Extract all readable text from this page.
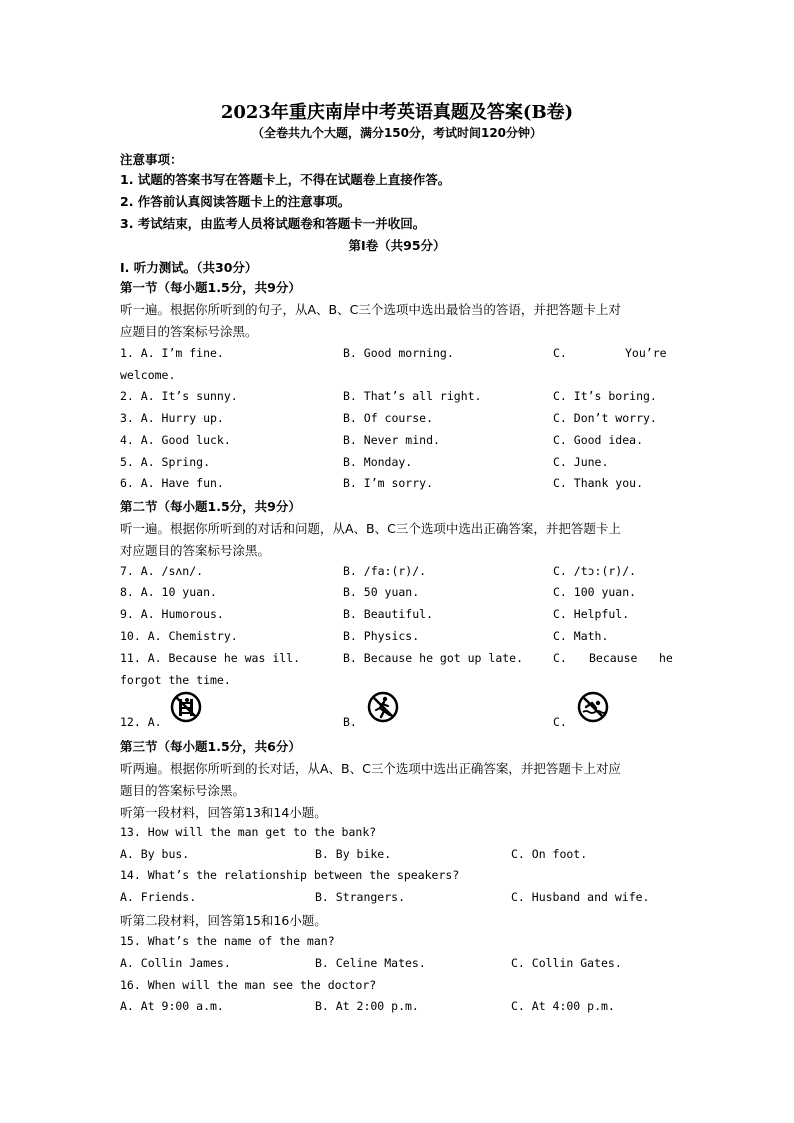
2023年重庆南岸中考英语真题及答案(B卷)
（全卷共九个大题，满分150分，考试时间120分钟）
注意事项：
1. 试题的答案书写在答题卡上，不得在试题卷上直接作答。
2. 作答前认真阅读答题卡上的注意事项。
3. 考试结束，由监考人员将试题卷和答题卡一并收回。
第Ⅰ卷（共95分）
Ⅰ. 听力测试。（共30分）
第一节（每小题1.5分，共9分）
听一遍。根据你所听到的句子，从A、B、C三个选项中选出最恰当的答语，并把答题卡上对
应题目的答案标号涂黑。
1. A. I’m fine.	B. Good morning.	C.	You’re
welcome.
2. A. It’s sunny.	B. That’s all right.	C. It’s boring.
3. A. Hurry up.	B. Of course.	C. Don’t worry.
4. A. Good luck.	B. Never mind.	C. Good idea.
5. A. Spring.	B. Monday.	C. June.
6. A. Have fun.	B. I’m sorry.	C. Thank you.
第二节（每小题1.5分，共9分）
听一遍。根据你所听到的对话和问题，从A、B、C三个选项中选出正确答案，并把答题卡上
对应题目的答案标号涂黑。
7. A. /sʌn/.	B. /fa:(r)/.	C. /tɔ:(r)/.
8. A. 10 yuan.	B. 50 yuan.	C. 100 yuan.
9. A. Humorous.	B. Beautiful.	C. Helpful.
10. A. Chemistry.	B. Physics.	C. Math.
11. A. Because he was ill.	B. Because he got up late.	C. Because he
forgot the time.
12. A.	B.	C.
第三节（每小题1.5分，共6分）
听两遍。根据你所听到的长对话，从A、B、C三个选项中选出正确答案，并把答题卡上对应
题目的答案标号涂黑。
听第一段材料，回答第13和14小题。
13. How will the man get to the bank?
A. By bus.	B. By bike.	C. On foot.
14. What’s the relationship between the speakers?
A. Friends.	B. Strangers.	C. Husband and wife.
听第二段材料，回答第15和16小题。
15. What’s the name of the man?
A. Collin James.	B. Celine Mates.	C. Collin Gates.
16. When will the man see the doctor?
A. At 9:00 a.m.	B. At 2:00 p.m.	C. At 4:00 p.m.
